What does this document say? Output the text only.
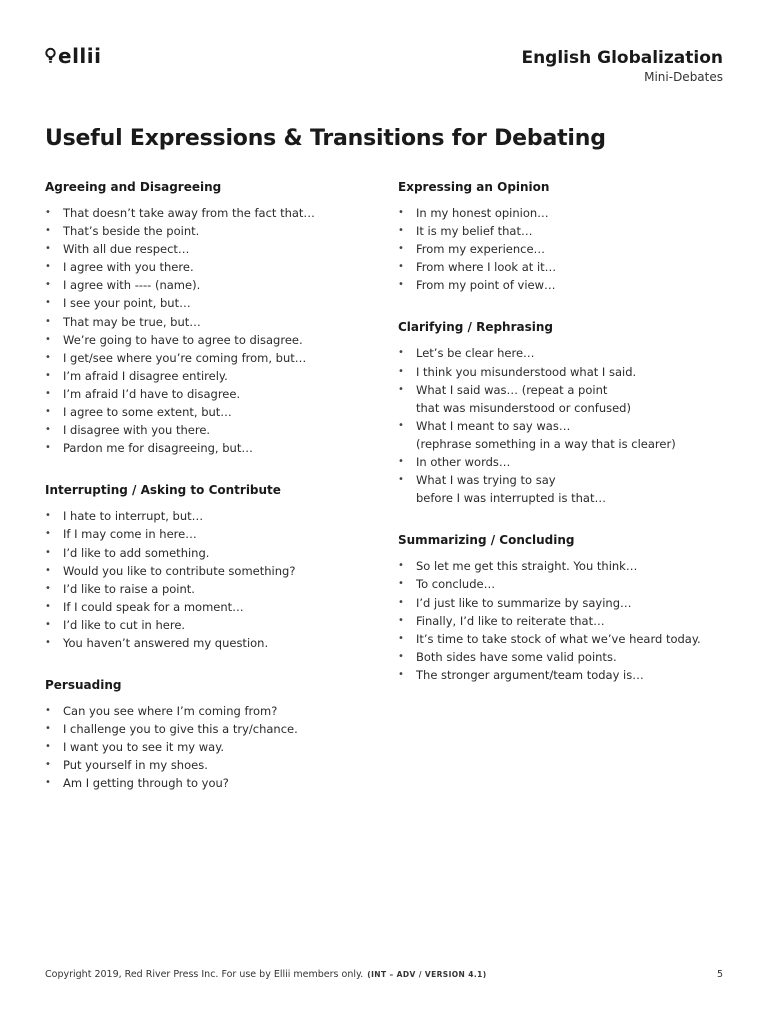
ellii	English Globalization
Mini-Debates
Useful Expressions & Transitions for Debating
Agreeing and Disagreeing
• That doesn’t take away from the fact that…
• That’s beside the point.
• With all due respect…
• I agree with you there.
• I agree with ---- (name).
• I see your point, but…
• That may be true, but…
• We’re going to have to agree to disagree.
• I get/see where you’re coming from, but…
• I’m afraid I disagree entirely.
• I’m afraid I’d have to disagree.
• I agree to some extent, but…
• I disagree with you there.
• Pardon me for disagreeing, but…
Interrupting / Asking to Contribute
• I hate to interrupt, but…
• If I may come in here…
• I’d like to add something.
• Would you like to contribute something?
• I’d like to raise a point.
• If I could speak for a moment…
• I’d like to cut in here.
• You haven’t answered my question.
Persuading
• Can you see where I’m coming from?
• I challenge you to give this a try/chance.
• I want you to see it my way.
• Put yourself in my shoes.
• Am I getting through to you?
Expressing an Opinion
• In my honest opinion…
• It is my belief that…
• From my experience…
• From where I look at it…
• From my point of view…
Clarifying / Rephrasing
• Let’s be clear here…
• I think you misunderstood what I said.
• What I said was… (repeat a point
that was misunderstood or confused)
• What I meant to say was…
(rephrase something in a way that is clearer)
• In other words…
• What I was trying to say
before I was interrupted is that…
Summarizing / Concluding
• So let me get this straight. You think…
• To conclude…
• I’d just like to summarize by saying…
• Finally, I’d like to reiterate that…
• It’s time to take stock of what we’ve heard today.
• Both sides have some valid points.
• The stronger argument/team today is…
Copyright 2019, Red River Press Inc. For use by Ellii members only. (INT – ADV / VERSION 4.1)	5
